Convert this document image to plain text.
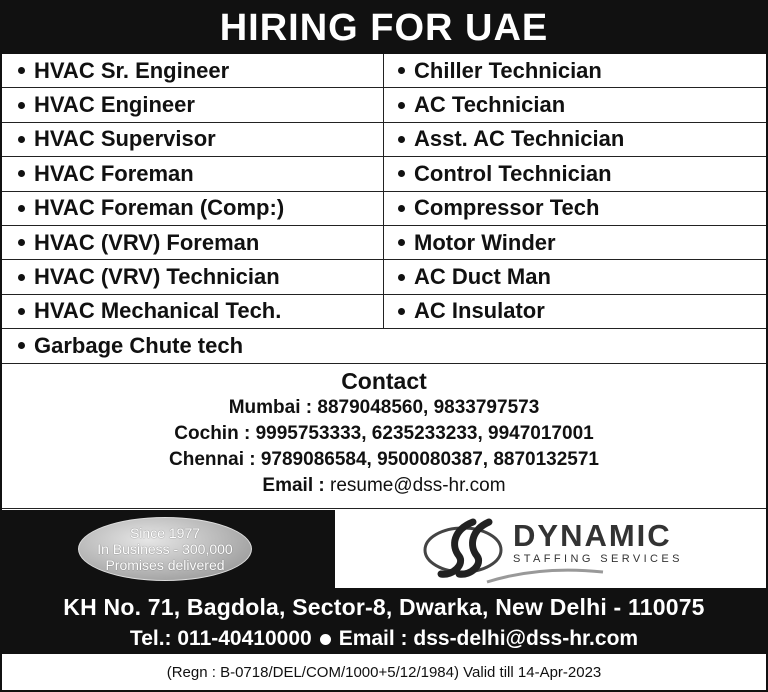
HIRING FOR UAE
HVAC Sr. Engineer	Chiller Technician
HVAC Engineer	AC Technician
HVAC Supervisor	Asst. AC Technician
HVAC Foreman	Control Technician
HVAC Foreman (Comp:)	Compressor Tech
HVAC (VRV) Foreman	Motor Winder
HVAC (VRV) Technician	AC Duct Man
HVAC Mechanical Tech.	AC Insulator
Garbage Chute tech
Contact
Mumbai : 8879048560, 9833797573
Cochin : 9995753333, 6235233233, 9947017001
Chennai : 9789086584, 9500080387, 8870132571
Email : resume@dss-hr.com
Since 1977
In Business - 300,000
Promises delivered
DYNAMIC
STAFFING SERVICES
KH No. 71, Bagdola, Sector-8, Dwarka, New Delhi - 110075
Tel.: 011-40410000 Email : dss-delhi@dss-hr.com
(Regn : B-0718/DEL/COM/1000+5/12/1984) Valid till 14-Apr-2023
